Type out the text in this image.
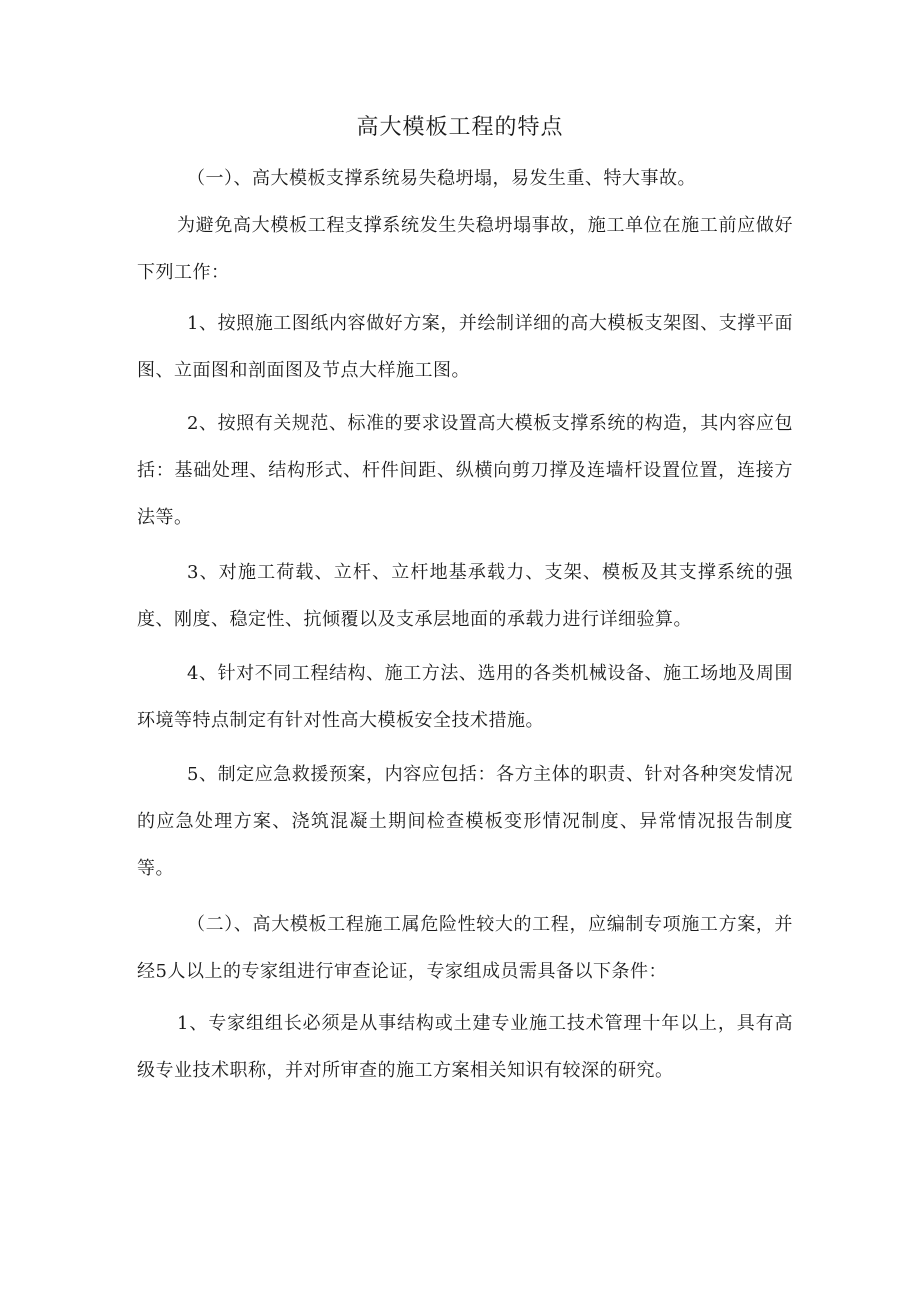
高大模板工程的特点
（一）、高大模板支撑系统易失稳坍塌，易发生重、特大事故。
为避免高大模板工程支撑系统发生失稳坍塌事故，施工单位在施工前应做好下列工作：
1、按照施工图纸内容做好方案，并绘制详细的高大模板支架图、支撑平面图、立面图和剖面图及节点大样施工图。
2、按照有关规范、标准的要求设置高大模板支撑系统的构造，其内容应包括：基础处理、结构形式、杆件间距、纵横向剪刀撑及连墙杆设置位置，连接方法等。
3、对施工荷载、立杆、立杆地基承载力、支架、模板及其支撑系统的强度、刚度、稳定性、抗倾覆以及支承层地面的承载力进行详细验算。
4、针对不同工程结构、施工方法、选用的各类机械设备、施工场地及周围环境等特点制定有针对性高大模板安全技术措施。
5、制定应急救援预案，内容应包括：各方主体的职责、针对各种突发情况的应急处理方案、浇筑混凝土期间检查模板变形情况制度、异常情况报告制度等。
（二）、高大模板工程施工属危险性较大的工程，应编制专项施工方案，并经5人以上的专家组进行审查论证，专家组成员需具备以下条件：
1、专家组组长必须是从事结构或土建专业施工技术管理十年以上，具有高级专业技术职称，并对所审查的施工方案相关知识有较深的研究。
